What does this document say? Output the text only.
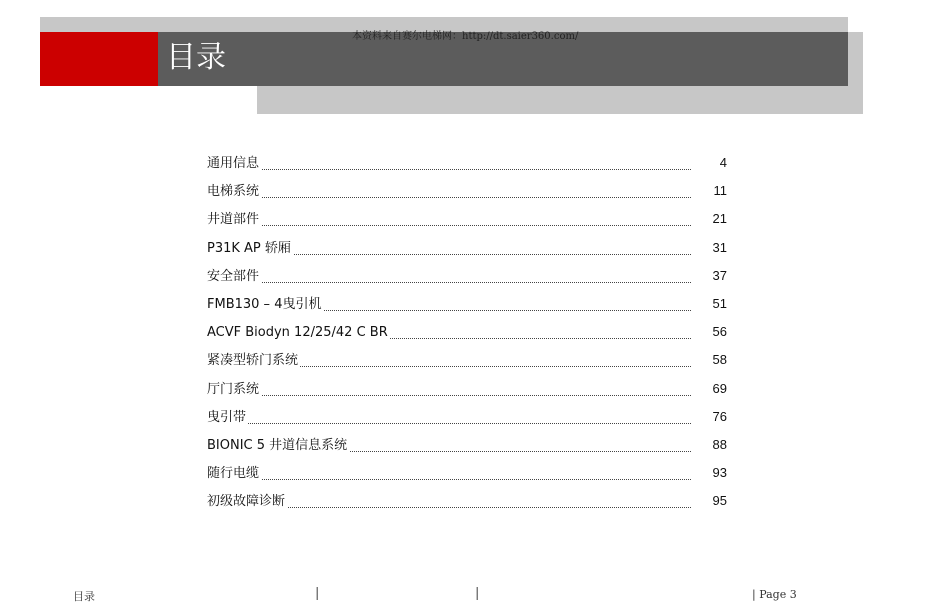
目录
本资料来自赛尔电梯网：http://dt.saier360.com/
通用信息	4
电梯系统	11
井道部件	21
P31K AP 轿厢	31
安全部件	37
FMB130 – 4曳引机	51
ACVF Biodyn 12/25/42 C BR	56
紧凑型轿门系统	58
厅门系统	69
曳引带	76
BIONIC 5 井道信息系统	88
随行电缆	93
初级故障诊断	95
目录	|	|	| Page 3
